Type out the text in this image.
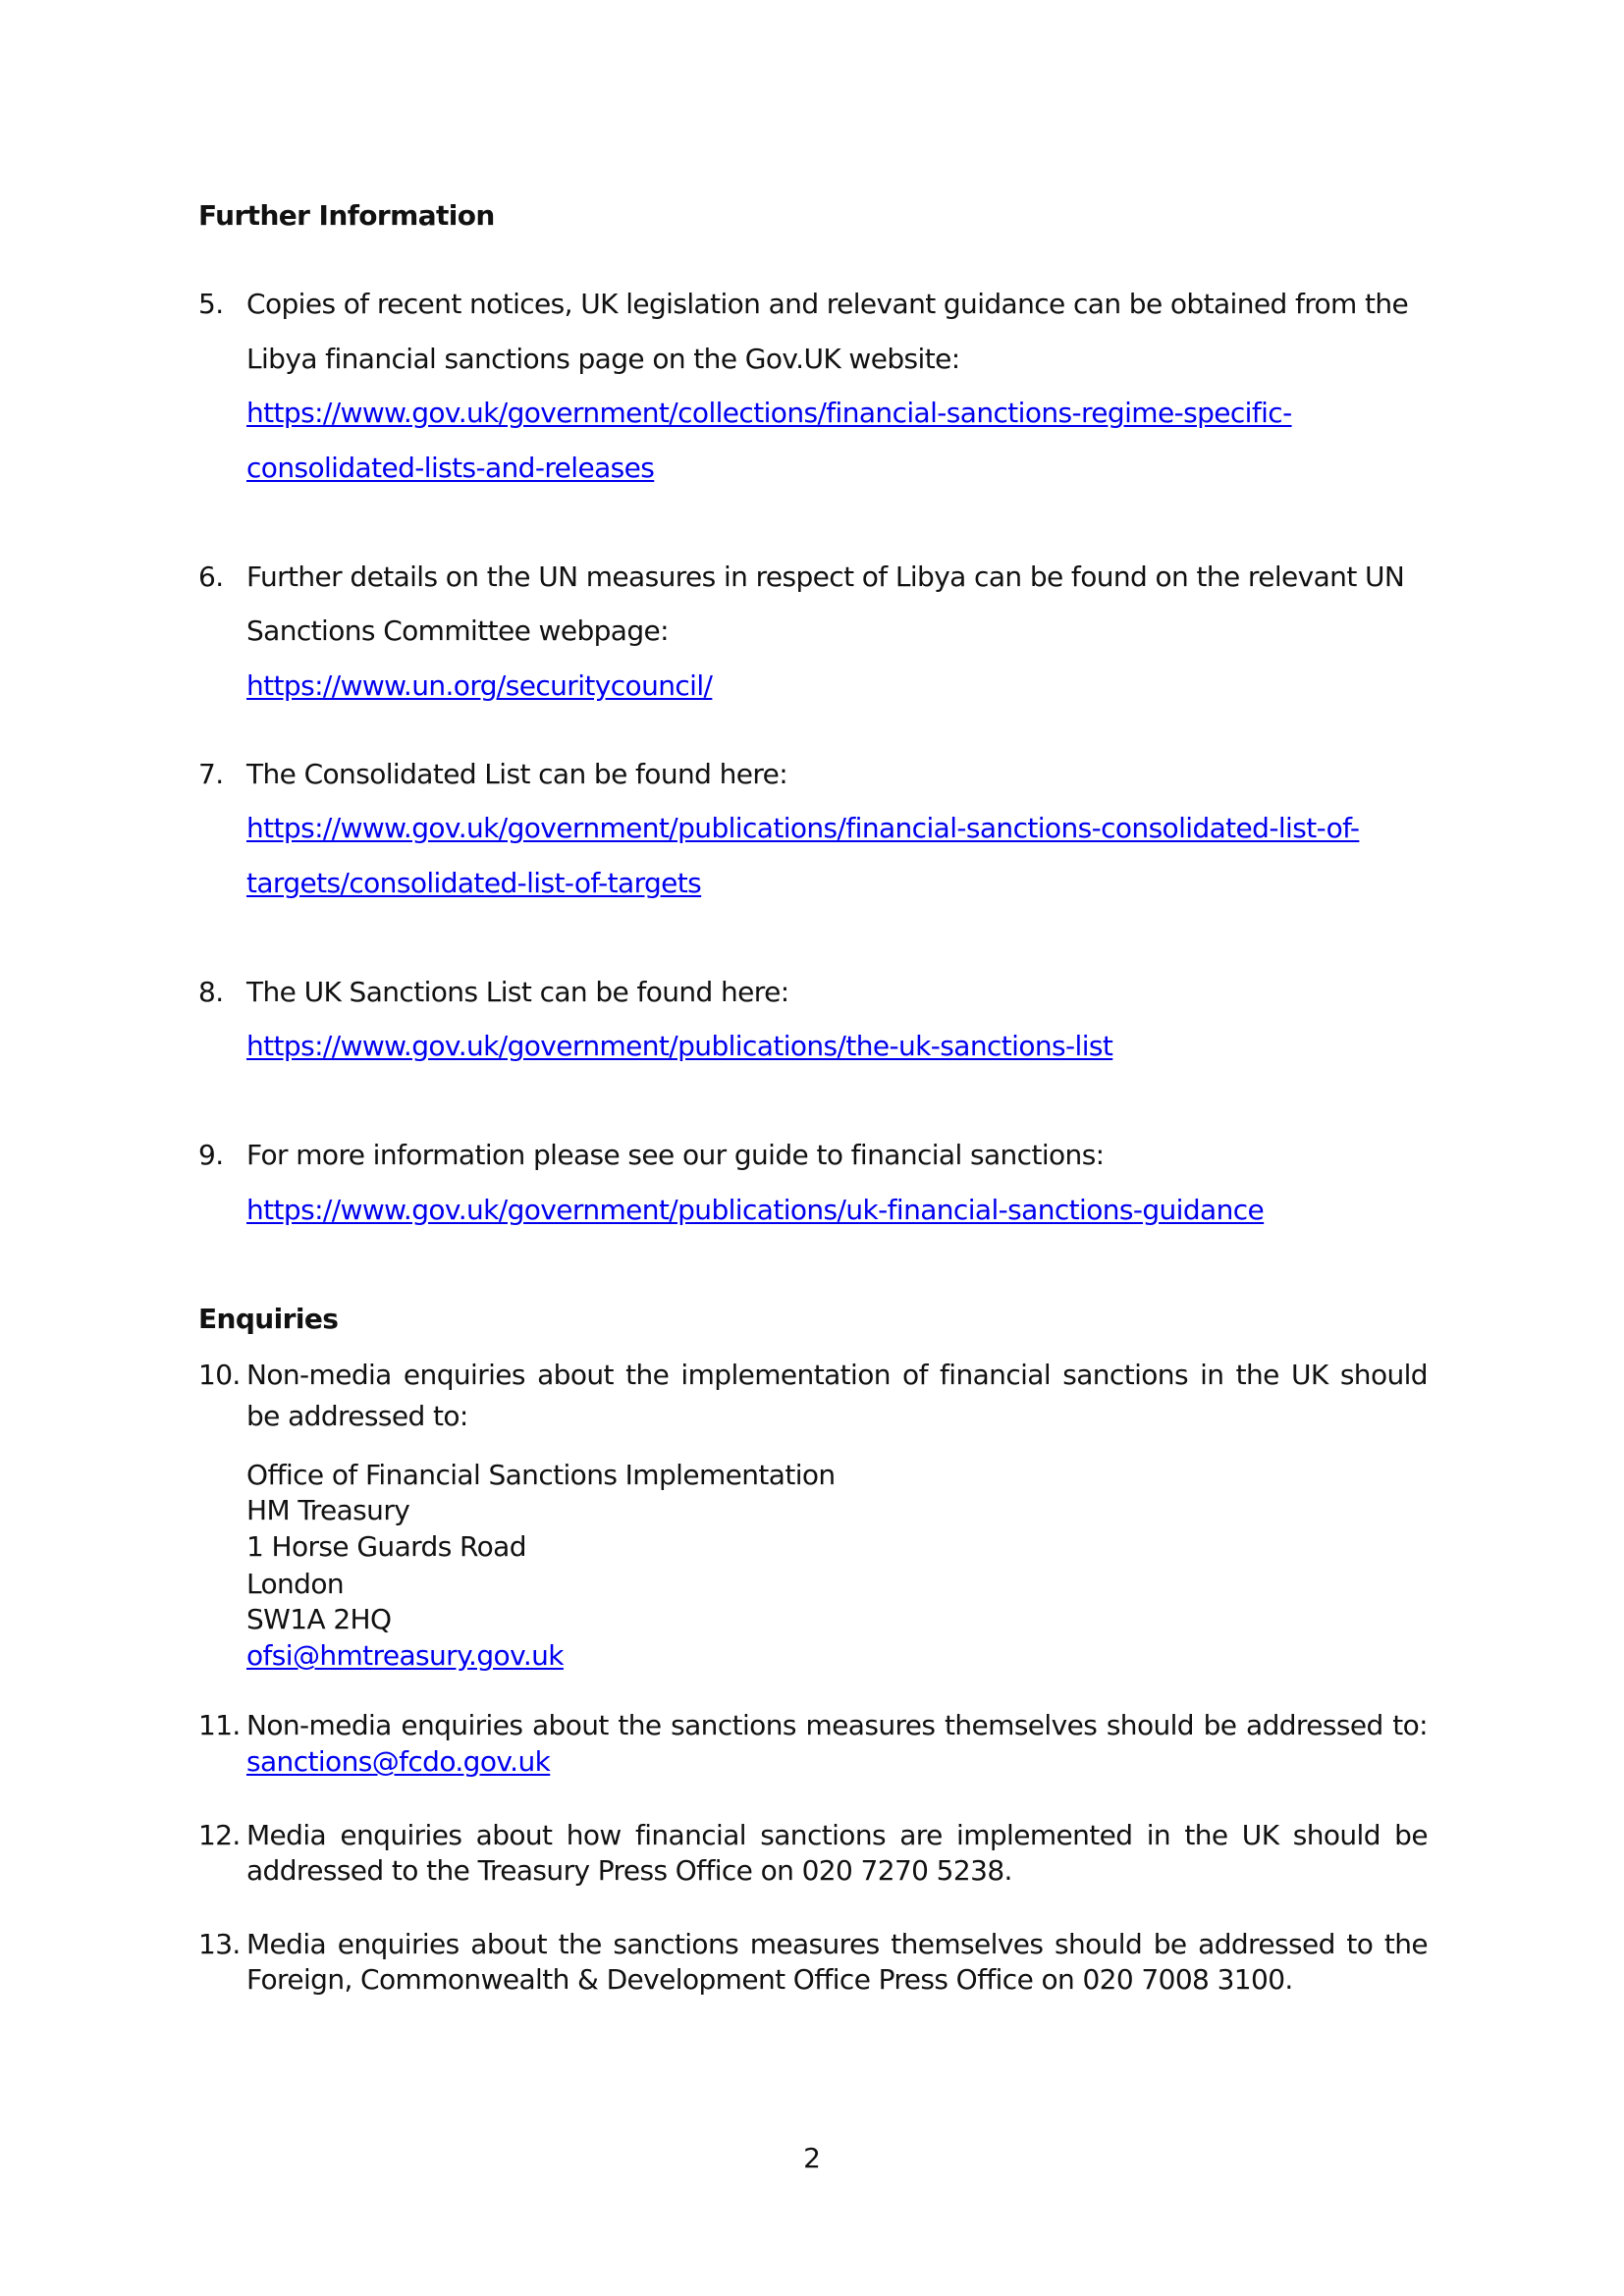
Further Information
5. Copies of recent notices, UK legislation and relevant guidance can be obtained from the
Libya financial sanctions page on the Gov.UK website:
https://www.gov.uk/government/collections/financial-sanctions-regime-specific-
consolidated-lists-and-releases
6. Further details on the UN measures in respect of Libya can be found on the relevant UN
Sanctions Committee webpage:
https://www.un.org/securitycouncil/
7. The Consolidated List can be found here:
https://www.gov.uk/government/publications/financial-sanctions-consolidated-list-of-
targets/consolidated-list-of-targets
8. The UK Sanctions List can be found here:
https://www.gov.uk/government/publications/the-uk-sanctions-list
9. For more information please see our guide to financial sanctions:
https://www.gov.uk/government/publications/uk-financial-sanctions-guidance
Enquiries
10. Non-media enquiries about the implementation of financial sanctions in the UK should
be addressed to:
Office of Financial Sanctions Implementation
HM Treasury
1 Horse Guards Road
London
SW1A 2HQ
ofsi@hmtreasury.gov.uk
11. Non-media enquiries about the sanctions measures themselves should be addressed to:
sanctions@fcdo.gov.uk
12. Media enquiries about how financial sanctions are implemented in the UK should be
addressed to the Treasury Press Office on 020 7270 5238.
13. Media enquiries about the sanctions measures themselves should be addressed to the
Foreign, Commonwealth & Development Office Press Office on 020 7008 3100.
2
